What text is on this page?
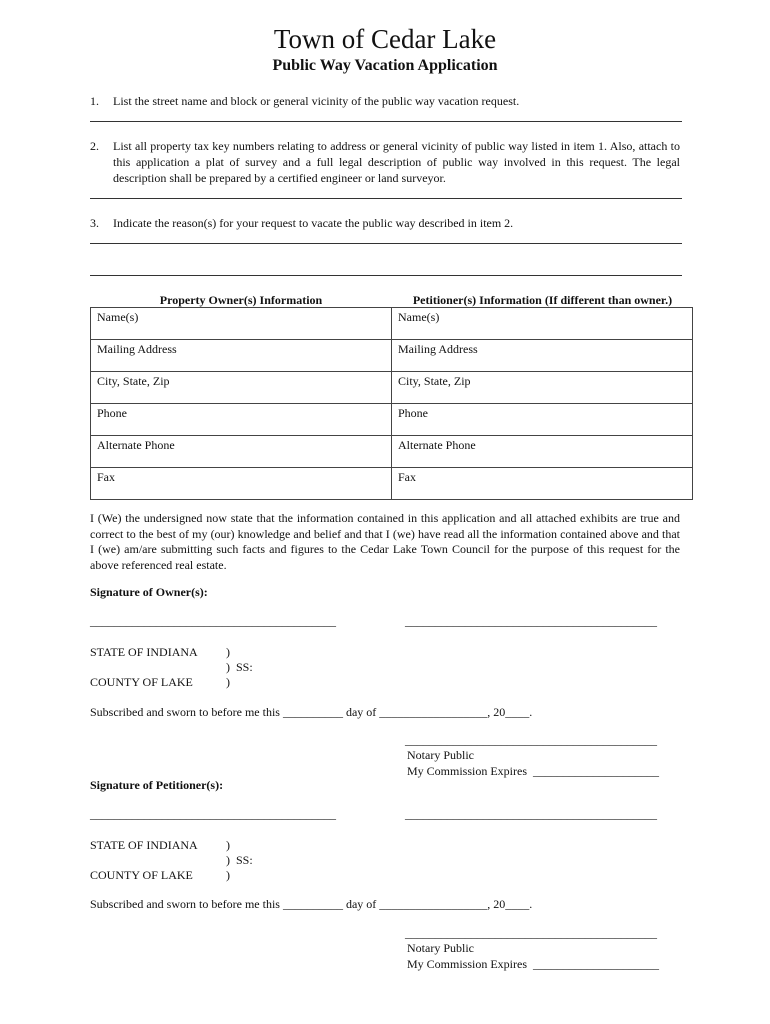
Town of Cedar Lake
Public Way Vacation Application
1. List the street name and block or general vicinity of the public way vacation request.
2. List all property tax key numbers relating to address or general vicinity of public way listed in item 1. Also, attach to this application a plat of survey and a full legal description of public way involved in this request. The legal description shall be prepared by a certified engineer or land surveyor.
3. Indicate the reason(s) for your request to vacate the public way described in item 2.
Property Owner(s) Information	Petitioner(s) Information (If different than owner.)
Name(s)	Name(s)
Mailing Address	Mailing Address
City, State, Zip	City, State, Zip
Phone	Phone
Alternate Phone	Alternate Phone
Fax	Fax
I (We) the undersigned now state that the information contained in this application and all attached exhibits are true and correct to the best of my (our) knowledge and belief and that I (we) have read all the information contained above and that I (we) am/are submitting such facts and figures to the Cedar Lake Town Council for the purpose of this request for the above referenced real estate.
Signature of Owner(s):
_________________________________________	__________________________________________
STATE OF INDIANA )
)  SS:
COUNTY OF LAKE	)
Subscribed and sworn to before me this __________ day of __________________, 20____.
__________________________________________
Notary Public
My Commission Expires  _____________________
Signature of Petitioner(s):
_________________________________________	__________________________________________
STATE OF INDIANA )
)  SS:
COUNTY OF LAKE	)
Subscribed and sworn to before me this __________ day of __________________, 20____.
__________________________________________
Notary Public
My Commission Expires  _____________________
